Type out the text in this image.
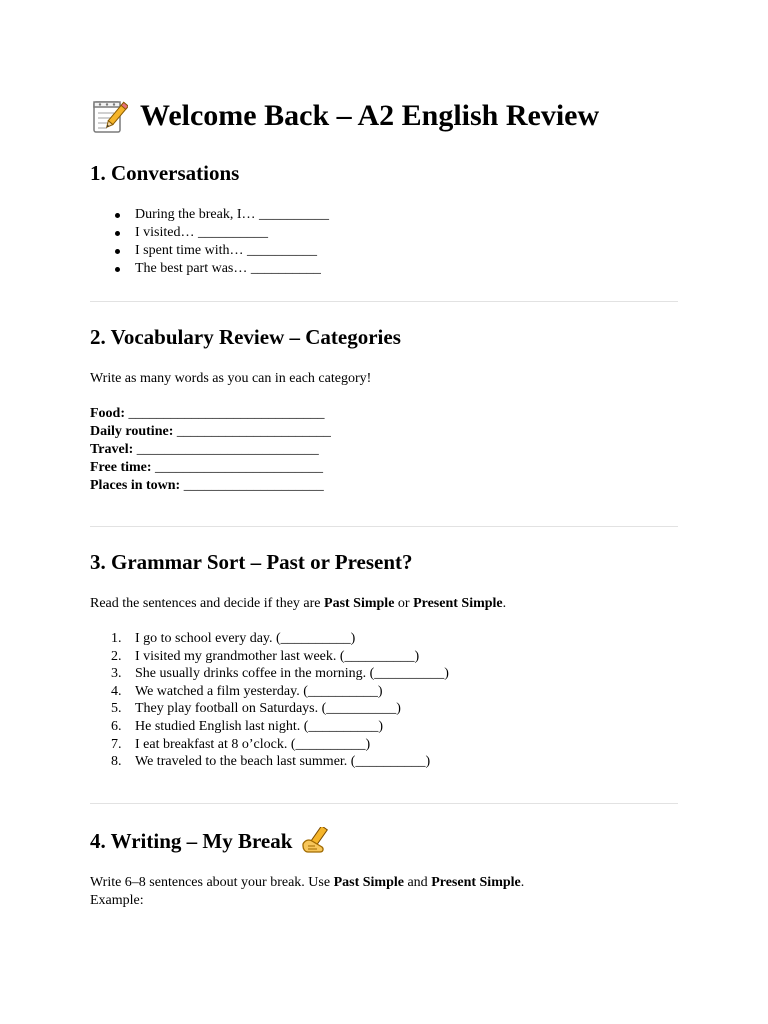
Welcome Back – A2 English Review
1. Conversations
During the break, I… __________
I visited… __________
I spent time with… __________
The best part was… __________
2. Vocabulary Review – Categories

Write as many words as you can in each category!

Food: ____________________________
Daily routine: ______________________
Travel: __________________________
Free time: ________________________
Places in town: ____________________
3. Grammar Sort – Past or Present?

Read the sentences and decide if they are Past Simple or Present Simple.

1. I go to school every day. (__________)
2. I visited my grandmother last week. (__________)
3. She usually drinks coffee in the morning. (__________)
4. We watched a film yesterday. (__________)
5. They play football on Saturdays. (__________)
6. He studied English last night. (__________)
7. I eat breakfast at 8 o’clock. (__________)
8. We traveled to the beach last summer. (__________)
4. Writing – My Break

Write 6–8 sentences about your break. Use Past Simple and Present Simple.

Example:
